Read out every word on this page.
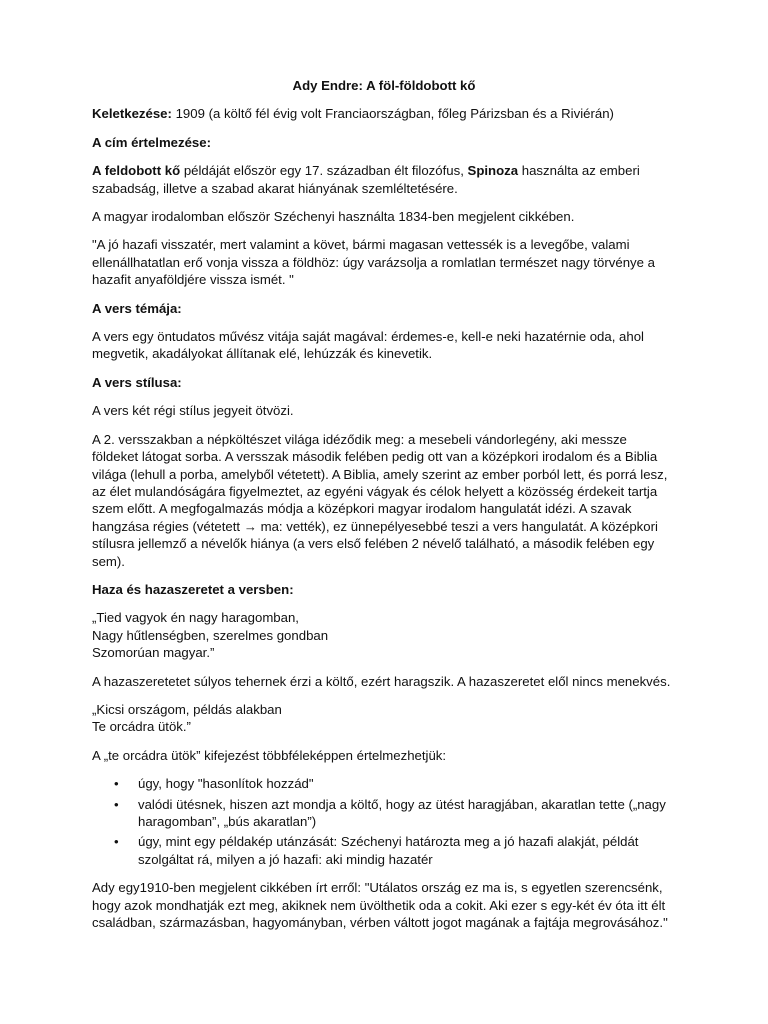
Ady Endre: A föl-földobott kő

Keletkezése: 1909 (a költő fél évig volt Franciaországban, főleg Párizsban és a Riviérán)

A cím értelmezése:

A feldobott kő példáját először egy 17. században élt filozófus, Spinoza használta az emberi szabadság, illetve a szabad akarat hiányának szemléltetésére.

A magyar irodalomban először Széchenyi használta 1834-ben megjelent cikkében.

"A jó hazafi visszatér, mert valamint a követ, bármi magasan vettessék is a levegőbe, valami ellenállhatatlan erő vonja vissza a földhöz: úgy varázsolja a romlatlan természet nagy törvénye a hazafit anyaföldjére vissza ismét. "

A vers témája:

A vers egy öntudatos művész vitája saját magával: érdemes-e, kell-e neki hazatérnie oda, ahol megvetik, akadályokat állítanak elé, lehúzzák és kinevetik.

A vers stílusa:

A vers két régi stílus jegyeit ötvözi.

A 2. versszakban a népköltészet világa idéződik meg: a mesebeli vándorlegény, aki messze földeket látogat sorba. A versszak második felében pedig ott van a középkori irodalom és a Biblia világa (lehull a porba, amelyből vétetett). A Biblia, amely szerint az ember porból lett, és porrá lesz, az élet mulandóságára figyelmeztet, az egyéni vágyak és célok helyett a közösség érdekeit tartja szem előtt. A megfogalmazás módja a középkori magyar irodalom hangulatát idézi. A szavak hangzása régies (vétetett → ma: vették), ez ünnepélyesebbé teszi a vers hangulatát. A középkori stílusra jellemző a névelők hiánya (a vers első felében 2 névelő található, a második felében egy sem).

Haza és hazaszeretet a versben:

„Tied vagyok én nagy haragomban,
Nagy hűtlenségben, szerelmes gondban
Szomorúan magyar.”

A hazaszeretetet súlyos tehernek érzi a költő, ezért haragszik. A hazaszeretet elől nincs menekvés.

„Kicsi országom, példás alakban
Te orcádra ütök.”

A „te orcádra ütök” kifejezést többféleképpen értelmezhetjük:

• úgy, hogy "hasonlítok hozzád"
• valódi ütésnek, hiszen azt mondja a költő, hogy az ütést haragjában, akaratlan tette („nagy haragomban”, „bús akaratlan”)
• úgy, mint egy példakép utánzását: Széchenyi határozta meg a jó hazafi alakját, példát szolgáltat rá, milyen a jó hazafi: aki mindig hazatér

Ady egy1910-ben megjelent cikkében írt erről: "Utálatos ország ez ma is, s egyetlen szerencsénk, hogy azok mondhatják ezt meg, akiknek nem üvölthetik oda a cokit. Aki ezer s egy-két év óta itt élt családban, származásban, hagyományban, vérben váltott jogot magának a fajtája megrovásához."
